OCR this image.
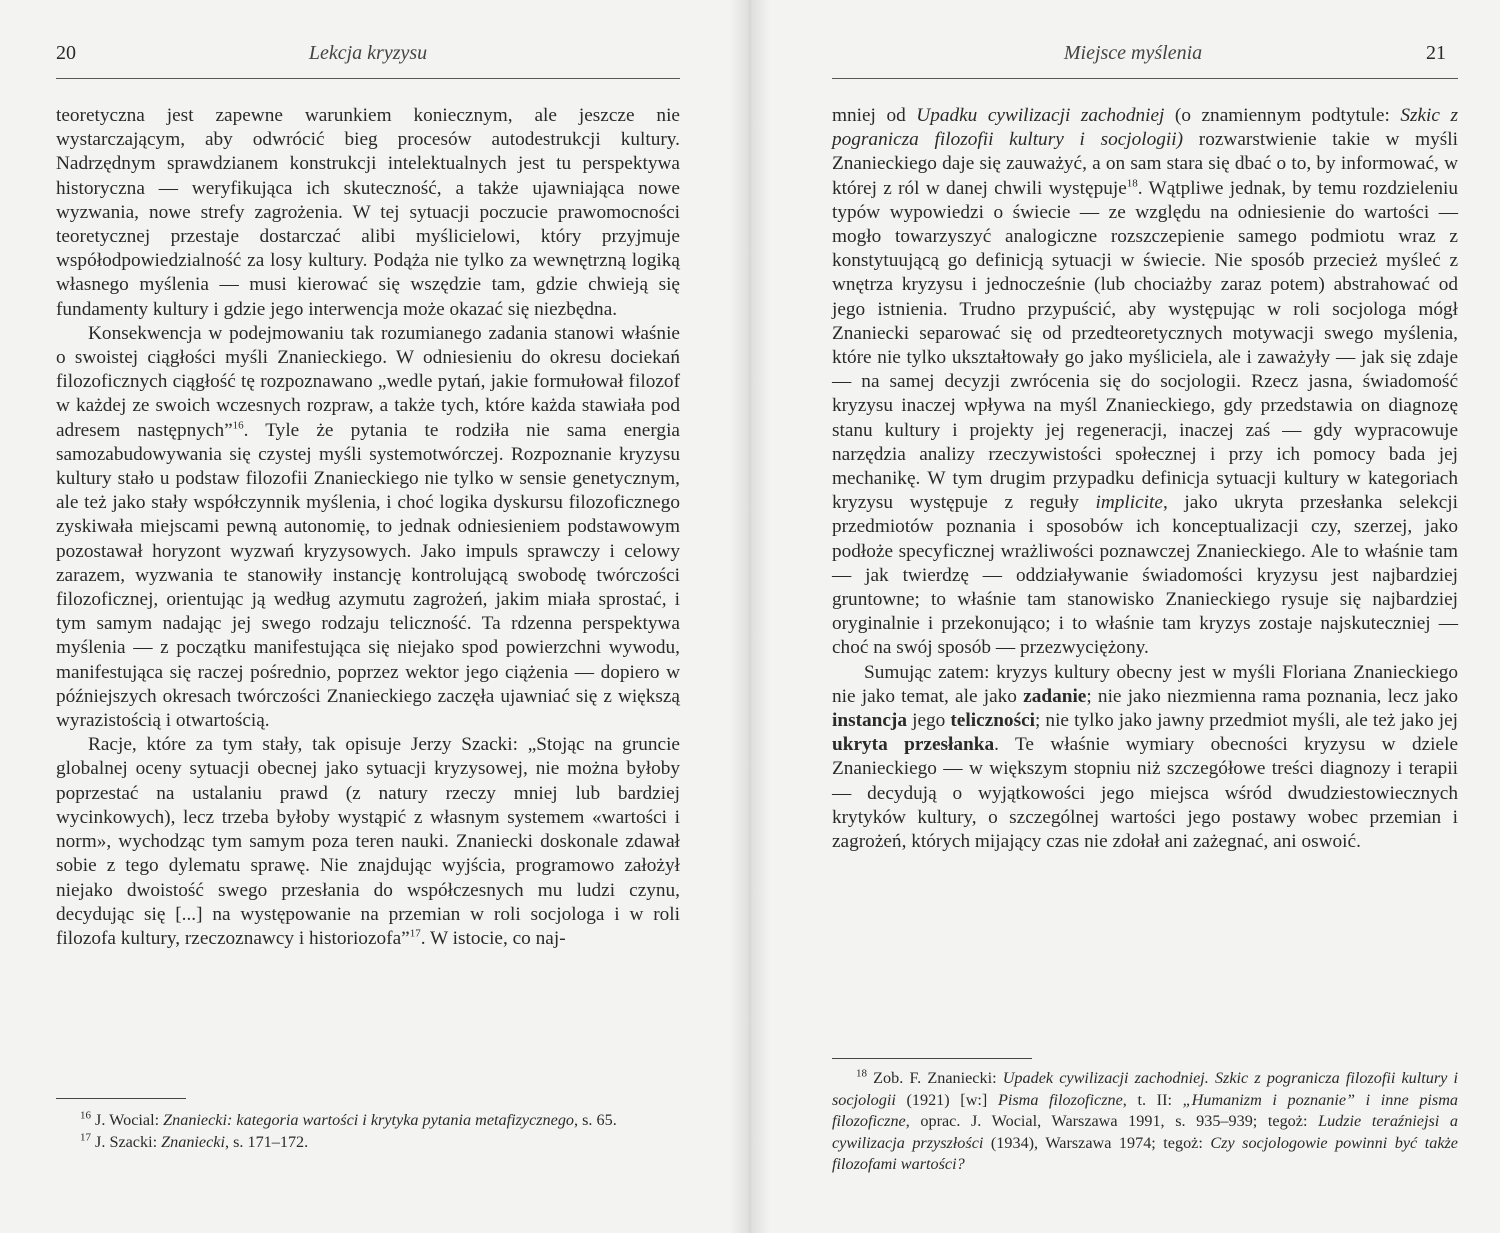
20	Lekcja kryzysu

teoretyczna jest zapewne warunkiem koniecznym, ale jeszcze nie wystarczającym, aby odwrócić bieg procesów autodestrukcji kultury. Nadrzędnym sprawdzianem konstrukcji intelektualnych jest tu perspektywa historyczna — weryfikująca ich skuteczność, a także ujawniająca nowe wyzwania, nowe strefy zagrożenia. W tej sytuacji poczucie prawomocności teoretycznej przestaje dostarczać alibi myślicielowi, który przyjmuje współodpowiedzialność za losy kultury. Podąża nie tylko za wewnętrzną logiką własnego myślenia — musi kierować się wszędzie tam, gdzie chwieją się fundamenty kultury i gdzie jego interwencja może okazać się niezbędna.

Konsekwencja w podejmowaniu tak rozumianego zadania stanowi właśnie o swoistej ciągłości myśli Znanieckiego. W odniesieniu do okresu dociekań filozoficznych ciągłość tę rozpoznawano „wedle pytań, jakie formułował filozof w każdej ze swoich wczesnych rozpraw, a także tych, które każda stawiała pod adresem następnych”$^{16}$. Tyle że pytania te rodziła nie sama energia samozabudowywania się czystej myśli systemotwórczej. Rozpoznanie kryzysu kultury stało u podstaw filozofii Znanieckiego nie tylko w sensie genetycznym, ale też jako stały współczynnik myślenia, i choć logika dyskursu filozoficznego zyskiwała miejscami pewną autonomię, to jednak odniesieniem podstawowym pozostawał horyzont wyzwań kryzysowych. Jako impuls sprawczy i celowy zarazem, wyzwania te stanowiły instancję kontrolującą swobodę twórczości filozoficznej, orientując ją według azymutu zagrożeń, jakim miała sprostać, i tym samym nadając jej swego rodzaju teliczność. Ta rdzenna perspektywa myślenia — z początku manifestująca się niejako spod powierzchni wywodu, manifestująca się raczej pośrednio, poprzez wektor jego ciążenia — dopiero w późniejszych okresach twórczości Znanieckiego zaczęła ujawniać się z większą wyrazistością i otwartością.

Racje, które za tym stały, tak opisuje Jerzy Szacki: „Stojąc na gruncie globalnej oceny sytuacji obecnej jako sytuacji kryzysowej, nie można byłoby poprzestać na ustalaniu prawd (z natury rzeczy mniej lub bardziej wycinkowych), lecz trzeba byłoby wystąpić z własnym systemem «wartości i norm», wychodząc tym samym poza teren nauki. Znaniecki doskonale zdawał sobie z tego dylematu sprawę. Nie znajdując wyjścia, programowo założył niejako dwoistość swego przesłania do współczesnych mu ludzi czynu, decydując się [...] na występowanie na przemian w roli socjologa i w roli filozofa kultury, rzeczoznawcy i historiozofa”$^{17}$. W istocie, co naj-

$^{16}$ J. Wocial: Znaniecki: kategoria wartości i krytyka pytania metafizycznego, s. 65.

$^{17}$ J. Szacki: Znaniecki, s. 171–172.

Miejsce myślenia	21

mniej od Upadku cywilizacji zachodniej (o znamiennym podtytule: Szkic z pogranicza filozofii kultury i socjologii) rozwarstwienie takie w myśli Znanieckiego daje się zauważyć, a on sam stara się dbać o to, by informować, w której z ról w danej chwili występuje$^{18}$. Wątpliwe jednak, by temu rozdzieleniu typów wypowiedzi o świecie — ze względu na odniesienie do wartości — mogło towarzyszyć analogiczne rozszczepienie samego podmiotu wraz z konstytuującą go definicją sytuacji w świecie. Nie sposób przecież myśleć z wnętrza kryzysu i jednocześnie (lub chociażby zaraz potem) abstrahować od jego istnienia. Trudno przypuścić, aby występując w roli socjologa mógł Znaniecki separować się od przedteoretycznych motywacji swego myślenia, które nie tylko ukształtowały go jako myśliciela, ale i zaważyły — jak się zdaje — na samej decyzji zwrócenia się do socjologii. Rzecz jasna, świadomość kryzysu inaczej wpływa na myśl Znanieckiego, gdy przedstawia on diagnozę stanu kultury i projekty jej regeneracji, inaczej zaś — gdy wypracowuje narzędzia analizy rzeczywistości społecznej i przy ich pomocy bada jej mechanikę. W tym drugim przypadku definicja sytuacji kultury w kategoriach kryzysu występuje z reguły implicite, jako ukryta przesłanka selekcji przedmiotów poznania i sposobów ich konceptualizacji czy, szerzej, jako podłoże specyficznej wrażliwości poznawczej Znanieckiego. Ale to właśnie tam — jak twierdzę — oddziaływanie świadomości kryzysu jest najbardziej gruntowne; to właśnie tam stanowisko Znanieckiego rysuje się najbardziej oryginalnie i przekonująco; i to właśnie tam kryzys zostaje najskuteczniej — choć na swój sposób — przezwyciężony.

Sumując zatem: kryzys kultury obecny jest w myśli Floriana Znanieckiego nie jako temat, ale jako zadanie; nie jako niezmienna rama poznania, lecz jako instancja jego teliczności; nie tylko jako jawny przedmiot myśli, ale też jako jej ukryta przesłanka. Te właśnie wymiary obecności kryzysu w dziele Znanieckiego — w większym stopniu niż szczegółowe treści diagnozy i terapii — decydują o wyjątkowości jego miejsca wśród dwudziestowiecznych krytyków kultury, o szczególnej wartości jego postawy wobec przemian i zagrożeń, których mijający czas nie zdołał ani zażegnać, ani oswoić.

$^{18}$ Zob. F. Znaniecki: Upadek cywilizacji zachodniej. Szkic z pogranicza filozofii kultury i socjologii (1921) [w:] Pisma filozoficzne, t. II: „Humanizm i poznanie” i inne pisma filozoficzne, oprac. J. Wocial, Warszawa 1991, s. 935–939; tegoż: Ludzie teraźniejsi a cywilizacja przyszłości (1934), Warszawa 1974; tegoż: Czy socjologowie powinni być także filozofami wartości?
